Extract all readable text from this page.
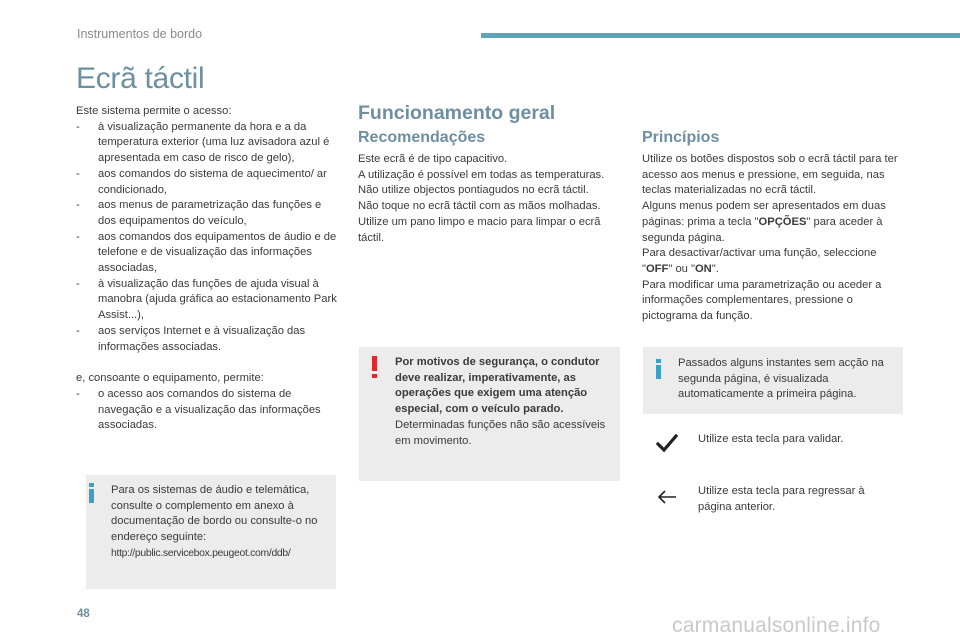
Instrumentos de bordo
Ecrã táctil

Este sistema permite o acesso:

- à visualização permanente da hora e a da temperatura exterior (uma luz avisadora azul é apresentada em caso de risco de gelo),
- aos comandos do sistema de aquecimento/ ar condicionado,
- aos menus de parametrização das funções e dos equipamentos do veículo,
- aos comandos dos equipamentos de áudio e de telefone e de visualização das informações associadas,
- à visualização das funções de ajuda visual à manobra (ajuda gráfica ao estacionamento Park Assist...),
- aos serviços Internet e à visualização das informações associadas.

e, consoante o equipamento, permite:

- o acesso aos comandos do sistema de navegação e a visualização das informações associadas.
Para os sistemas de áudio e telemática, consulte o complemento em anexo à documentação de bordo ou consulte-o no endereço seguinte:
http://public.servicebox.peugeot.com/ddb/
Funcionamento geral
Recomendações

Este ecrã é de tipo capacitivo.

A utilização é possível em todas as temperaturas.

Não utilize objectos pontiagudos no ecrã táctil.

Não toque no ecrã táctil com as mãos molhadas.

Utilize um pano limpo e macio para limpar o ecrã táctil.

Por motivos de segurança, o condutor deve realizar, imperativamente, as operações que exigem uma atenção especial, com o veículo parado.

Determinadas funções não são acessíveis em movimento.

Princípios

Utilize os botões dispostos sob o ecrã táctil para ter acesso aos menus e pressione, em seguida, nas teclas materializadas no ecrã táctil.

Alguns menus podem ser apresentados em duas páginas: prima a tecla "OPÇÕES" para aceder à segunda página.

Para desactivar/activar uma função, seleccione "OFF" ou "ON".

Para modificar uma parametrização ou aceder a informações complementares, pressione o pictograma da função.

Passados alguns instantes sem acção na segunda página, é visualizada automaticamente a primeira página.
Utilize esta tecla para validar.
Utilize esta tecla para regressar à página anterior.
48	carmanualsonline.info
